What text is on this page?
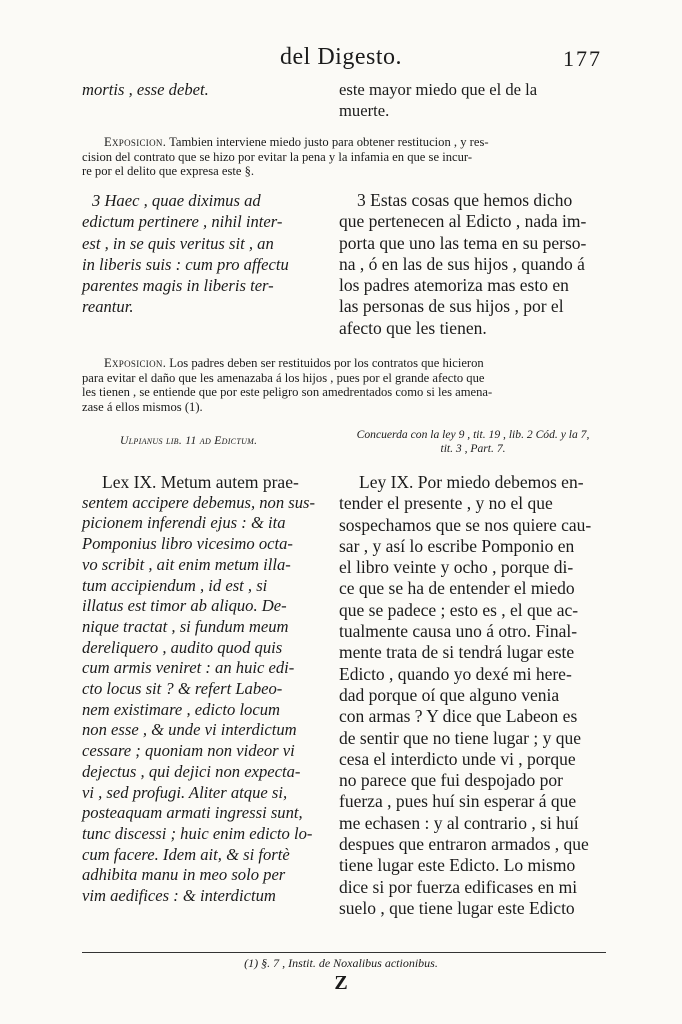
del Digesto.	177
mortis , esse debet.	este mayor miedo que el de la
muerte.
Exposicion. Tambien interviene miedo justo para obtener restitucion , y res-
cision del contrato que se hizo por evitar la pena y la infamia en que se incur-
re por el delito que expresa este §.
3 Haec , quae diximus ad
edictum pertinere , nihil inter-
est , in se quis veritus sit , an
in liberis suis : cum pro affectu
parentes magis in liberis ter-
reantur.
3 Estas cosas que hemos dicho
que pertenecen al Edicto , nada im-
porta que uno las tema en su perso-
na , ó en las de sus hijos , quando á
los padres atemoriza mas esto en
las personas de sus hijos , por el
afecto que les tienen.
Exposicion. Los padres deben ser restituidos por los contratos que hicieron
para evitar el daño que les amenazaba á los hijos , pues por el grande afecto que
les tienen , se entiende que por este peligro son amedrentados como si les amena-
zase á ellos mismos (1).
Ulpianus lib. 11 ad Edictum.	Concuerda con la ley 9 , tit. 19 , lib. 2 Cód. y la 7,
tit. 3 , Part. 7.
Lex IX. Metum autem prae-
sentem accipere debemus, non sus-
picionem inferendi ejus : & ita
Pomponius libro vicesimo octa-
vo scribit , ait enim metum illa-
tum accipiendum , id est , si
illatus est timor ab aliquo. De-
nique tractat , si fundum meum
dereliquero , audito quod quis
cum armis veniret : an huic edi-
cto locus sit ? & refert Labeo-
nem existimare , edicto locum
non esse , & unde vi interdictum
cessare ; quoniam non videor vi
dejectus , qui dejici non expecta-
vi , sed profugi. Aliter atque si,
posteaquam armati ingressi sunt,
tunc discessi ; huic enim edicto lo-
cum facere. Idem ait, & si fortè
adhibita manu in meo solo per
vim aedifices : & interdictum
Ley IX. Por miedo debemos en-
tender el presente , y no el que
sospechamos que se nos quiere cau-
sar , y así lo escribe Pomponio en
el libro veinte y ocho , porque di-
ce que se ha de entender el miedo
que se padece ; esto es , el que ac-
tualmente causa uno á otro. Final-
mente trata de si tendrá lugar este
Edicto , quando yo dexé mi here-
dad porque oí que alguno venia
con armas ? Y dice que Labeon es
de sentir que no tiene lugar ; y que
cesa el interdicto unde vi , porque
no parece que fui despojado por
fuerza , pues huí sin esperar á que
me echasen : y al contrario , si huí
despues que entraron armados , que
tiene lugar este Edicto. Lo mismo
dice si por fuerza edificases en mi
suelo , que tiene lugar este Edicto
(1) §. 7 , Instit. de Noxalibus actionibus.
Z
